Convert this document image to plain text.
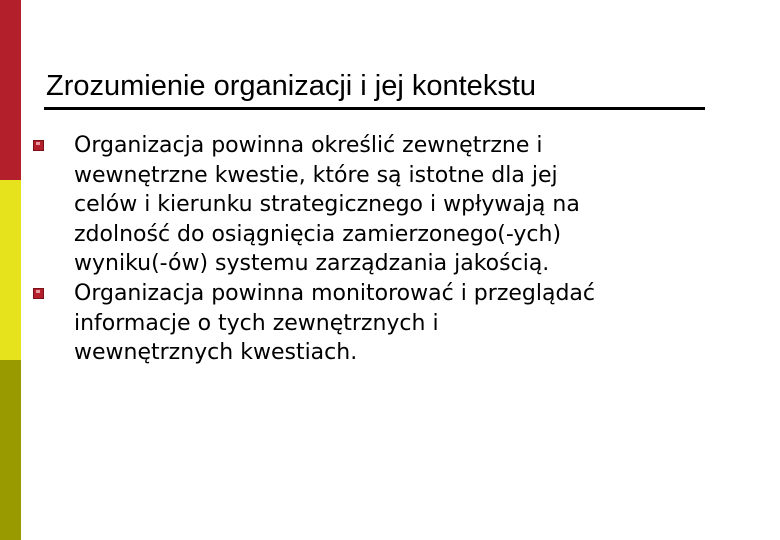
Zrozumienie organizacji i jej kontekstu
Organizacja powinna określić zewnętrzne i
wewnętrzne kwestie, które są istotne dla jej
celów i kierunku strategicznego i wpływają na
zdolność do osiągnięcia zamierzonego(-ych)
wyniku(-ów) systemu zarządzania jakością.
Organizacja powinna monitorować i przeglądać
informacje o tych zewnętrznych i
wewnętrznych kwestiach.
